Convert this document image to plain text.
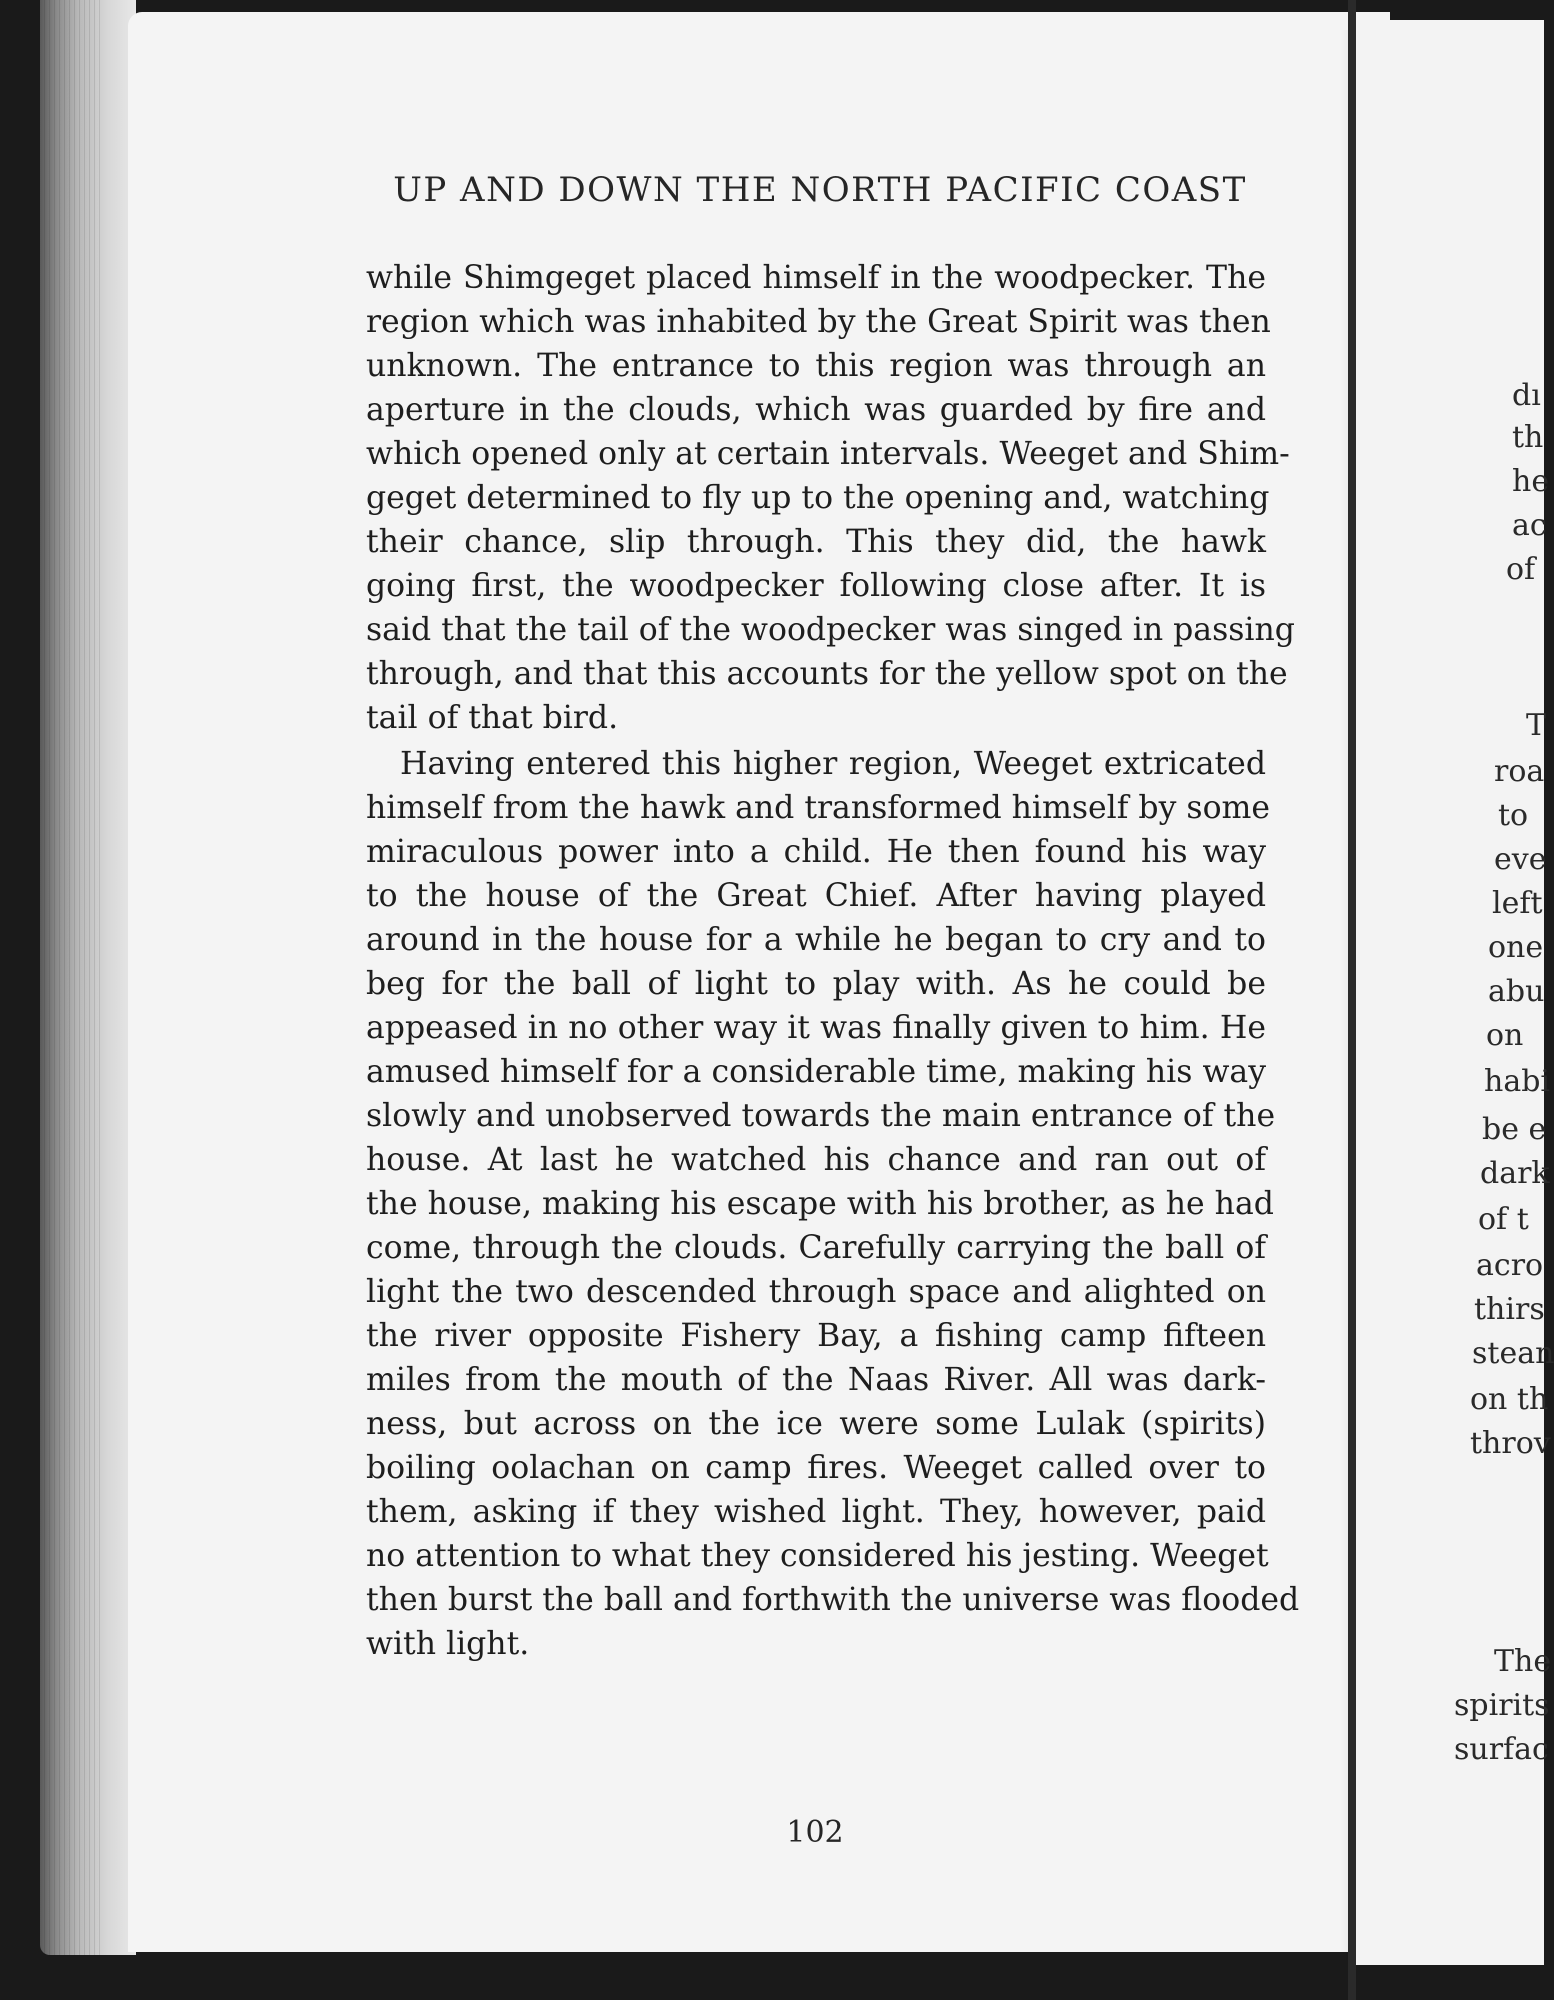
UP AND DOWN THE NORTH PACIFIC COAST
while Shimgeget placed himself in the woodpecker. The
region which was inhabited by the Great Spirit was then
unknown. The entrance to this region was through an
aperture in the clouds, which was guarded by fire and
which opened only at certain intervals. Weeget and Shim-
geget determined to fly up to the opening and, watching
their chance, slip through. This they did, the hawk
going first, the woodpecker following close after. It is
said that the tail of the woodpecker was singed in passing
through, and that this accounts for the yellow spot on the
tail of that bird.
Having entered this higher region, Weeget extricated
himself from the hawk and transformed himself by some
miraculous power into a child. He then found his way
to the house of the Great Chief. After having played
around in the house for a while he began to cry and to
beg for the ball of light to play with. As he could be
appeased in no other way it was finally given to him. He
amused himself for a considerable time, making his way
slowly and unobserved towards the main entrance of the
house. At last he watched his chance and ran out of
the house, making his escape with his brother, as he had
come, through the clouds. Carefully carrying the ball of
light the two descended through space and alighted on
the river opposite Fishery Bay, a fishing camp fifteen
miles from the mouth of the Naas River. All was dark-
ness, but across on the ice were some Lulak (spirits)
boiling oolachan on camp fires. Weeget called over to
them, asking if they wished light. They, however, paid
no attention to what they considered his jesting. Weeget
then burst the ball and forthwith the universe was flooded
with light.
102
dı
th
he
ac
of
T
roa
to
eve
left
one
abu
on
habi
be e
dark
of t
acro
thirs
stean
on th
throv
The
spirits
surfac
